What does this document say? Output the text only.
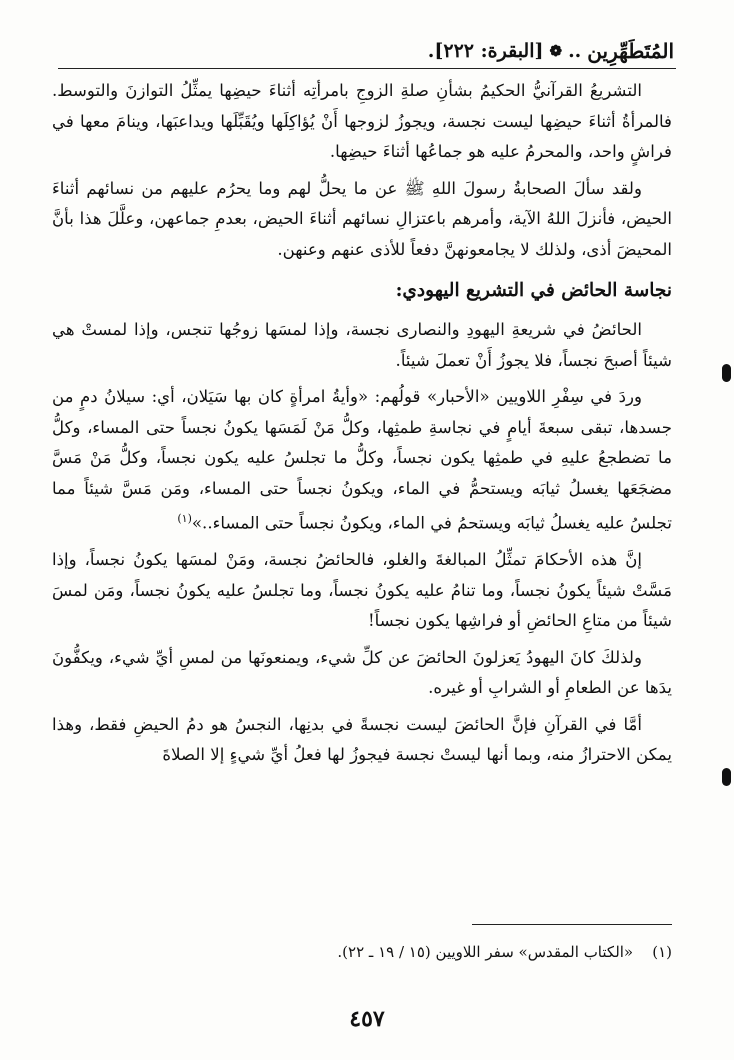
المُتَطَهِّرِين
..
❁
[البقرة: ٢٢٢].

التشريعُ القرآنيُّ الحكيمُ بشأنِ صلةِ الزوجِ بامرأتِه أثناءَ حيضِها يمثِّلُ التوازنَ والتوسط. فالمرأةُ أثناءَ حيضِها ليست نجسة، ويجوزُ لزوجها أَنْ يُؤاكِلَها ويُقَبِّلَها ويداعبَها، وينامَ معها في فراشٍ واحد، والمحرمُ عليه هو جماعُها أثناءَ حيضِها.

ولقد سألَ الصحابةُ رسولَ اللهِ ﷺ عن ما يحلُّ لهم وما يحرُم عليهم من نسائهم أثناءَ الحيض، فأنزلَ اللهُ الآية، وأمرهم باعتزالِ نسائهم أثناءَ الحيض، بعدمِ جماعهن، وعلَّلَ هذا بأنَّ المحيضَ أذى، ولذلك لا يجامعونهنَّ دفعاً للأذى عنهم وعنهن.

نجاسة الحائض في التشريع اليهودي:

الحائضُ في شريعةِ اليهودِ والنصارى نجسة، وإذا لمسَها زوجُها تنجس، وإذا لمستْ هي شيئاً أصبحَ نجساً، فلا يجوزُ أَنْ تعملَ شيئاً.

وردَ في سِفْرِ اللاويين «الأحبار» قولُهم: «وأيةُ امرأةٍ كان بها سَيَلان، أي: سيلانُ دمٍ من جسدها، تبقى سبعةَ أيامٍ في نجاسةِ طمثِها، وكلُّ مَنْ لَمَسَها يكونُ نجساً حتى المساء، وكلُّ ما تضطجعُ عليهِ في طمثِها يكون نجساً، وكلُّ ما تجلسُ عليه يكون نجساً، وكلُّ مَنْ مَسَّ مضجَعَها يغسلُ ثيابَه ويستحمُّ في الماء، ويكونُ نجساً حتى المساء، ومَن مَسَّ شيئاً مما تجلسُ عليه يغسلُ ثيابَه ويستحمُ في الماء، ويكونُ نجساً حتى المساء..»$^{(١)}$

إنَّ هذه الأحكامَ تمثِّلُ المبالغةَ والغلو، فالحائضُ نجسة، ومَنْ لمسَها يكونُ نجساً، وإذا مَسَّتْ شيئاً يكونُ نجساً، وما تنامُ عليه يكونُ نجساً، وما تجلسُ عليه يكونُ نجساً، ومَن لمسَ شيئاً من متاعِ الحائضِ أو فراشِها يكون نجساً!

ولذلكَ كانَ اليهودُ يَعزلونَ الحائضَ عن كلِّ شيء، ويمنعونَها من لمسِ أيِّ شيء، ويكفُّونَ يدَها عن الطعامِ أو الشرابِ أو غيره.

أمَّا في القرآنِ فإنَّ الحائضَ ليست نجسةً في بدنِها، النجسُ هو دمُ الحيضِ فقط، وهذا يمكن الاحترازُ منه، وبما أنها ليستْ نجسة فيجوزُ لها فعلُ أيِّ شيءٍ إلا الصلاةَ

(١)    «الكتاب المقدس» سفر اللاويين (١٥ / ١٩ ـ ٢٢).
٤٥٧
